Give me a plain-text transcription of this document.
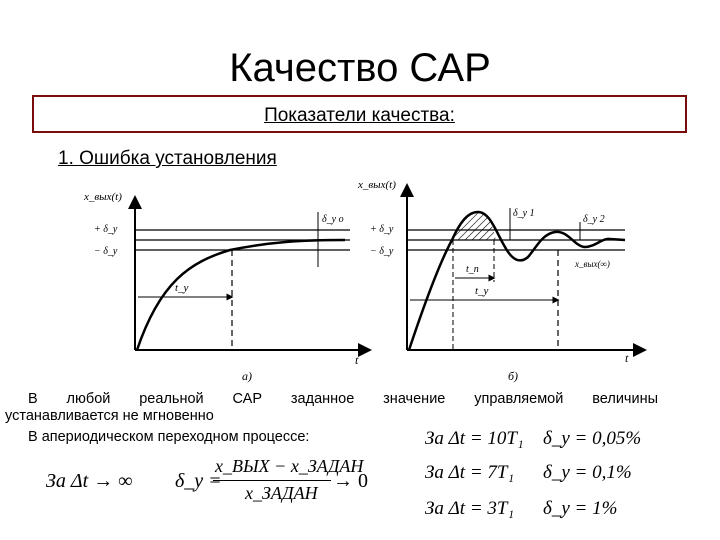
Качество САР
Показатели качества:
1. Ошибка установления
x_вых(t)
+ δ_у
− δ_у
δ_у о
t_у
t
а)
x_вых(t)
+ δ_у
− δ_у
δ_у 1
δ_у 2
t_п
t_у
x_вых(∞)
t
б)
В любой реальной САР заданное значение управляемой величины
устанавливается не мгновенно
В апериодическом переходном процессе:
За Δt → ∞ δ_у =
x_ВЫХ − x_ЗАДАН
x_ЗАДАН
→ 0
За Δt = 10T₁ δ_у = 0,05%
За Δt = 7T₁ δ_у = 0,1%
За Δt = 3T₁ δ_у = 1%
